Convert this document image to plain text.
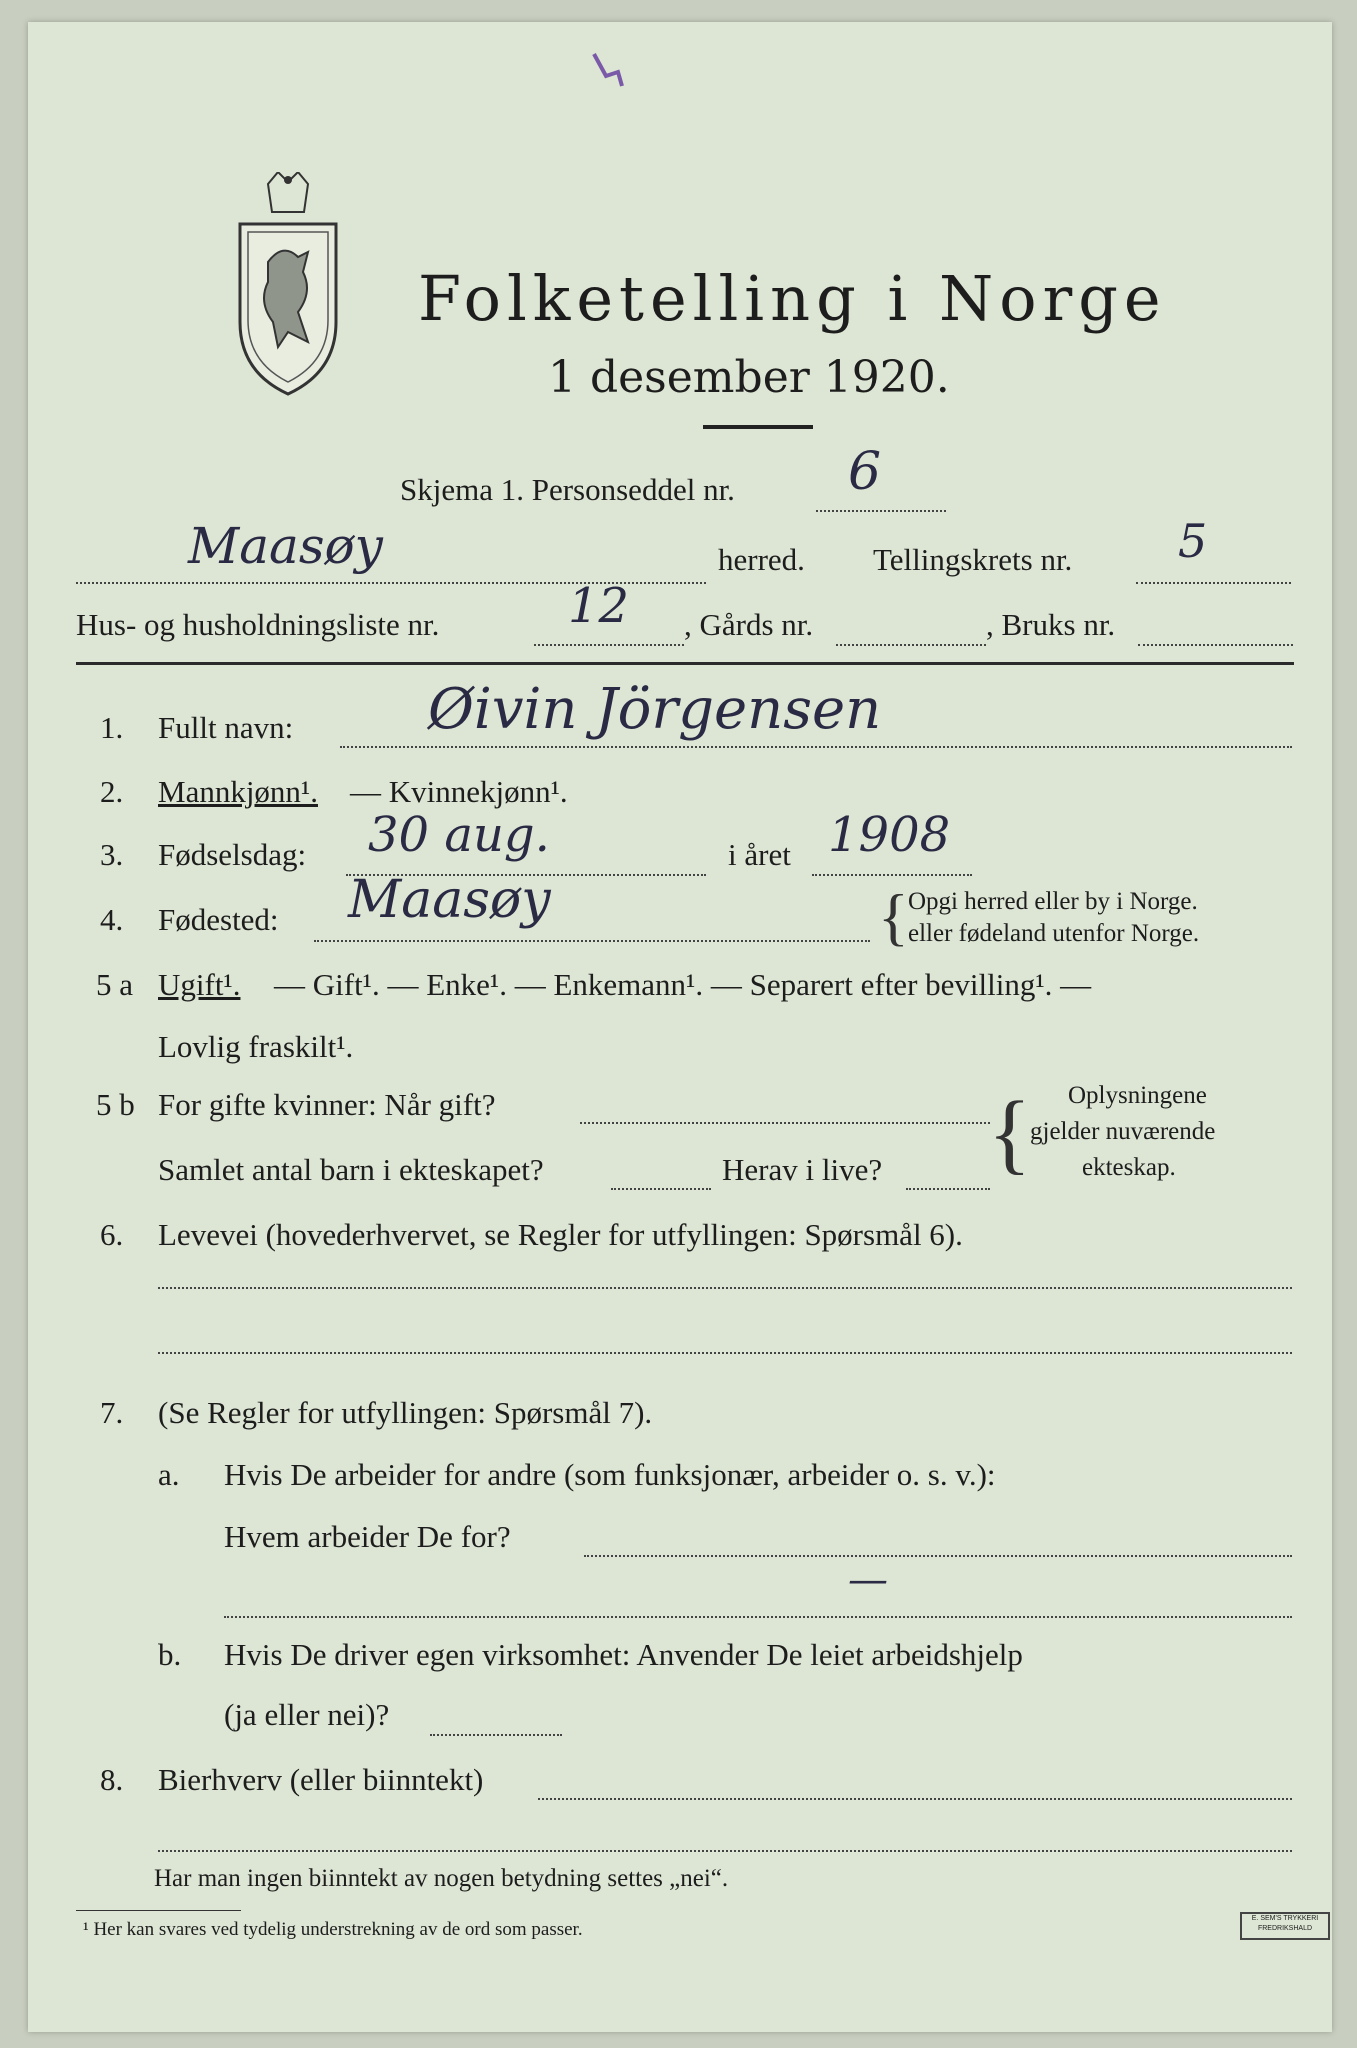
Folketelling i Norge
1 desember 1920.
Skjema 1. Personseddel nr. 6
Maasøy	herred. Tellingskrets nr. 5
Hus- og husholdningsliste nr.	12 , Gårds nr.	, Bruks nr.
1. Fullt navn: Øivin Jörgensen
2. Mannkjønn¹. — Kvinnekjønn¹.
3. Fødselsdag: 30 aug.	i året 1908
4. Fødested: Maasøy	{ Opgi herred eller by i Norge.
eller fødeland utenfor Norge.
5 a Ugift¹. — Gift¹. — Enke¹. — Enkemann¹. — Separert efter bevilling¹. —
Lovlig fraskilt¹.
5 b For gifte kvinner: Når gift?
Samlet antal barn i ekteskapet?	Herav i live? { Oplysningene
gjelder nuværende
ekteskap.
6. Levevei (hovederhvervet, se Regler for utfyllingen: Spørsmål 6).
7. (Se Regler for utfyllingen: Spørsmål 7).
a. Hvis De arbeider for andre (som funksjonær, arbeider o. s. v.):
Hvem arbeider De for?
—
b. Hvis De driver egen virksomhet: Anvender De leiet arbeidshjelp
(ja eller nei)?
8. Bierhverv (eller biinntekt)
Har man ingen biinntekt av nogen betydning settes „nei“.
¹ Her kan svares ved tydelig understrekning av de ord som passer.
E. SEM'S TRYKKERI
FREDRIKSHALD
